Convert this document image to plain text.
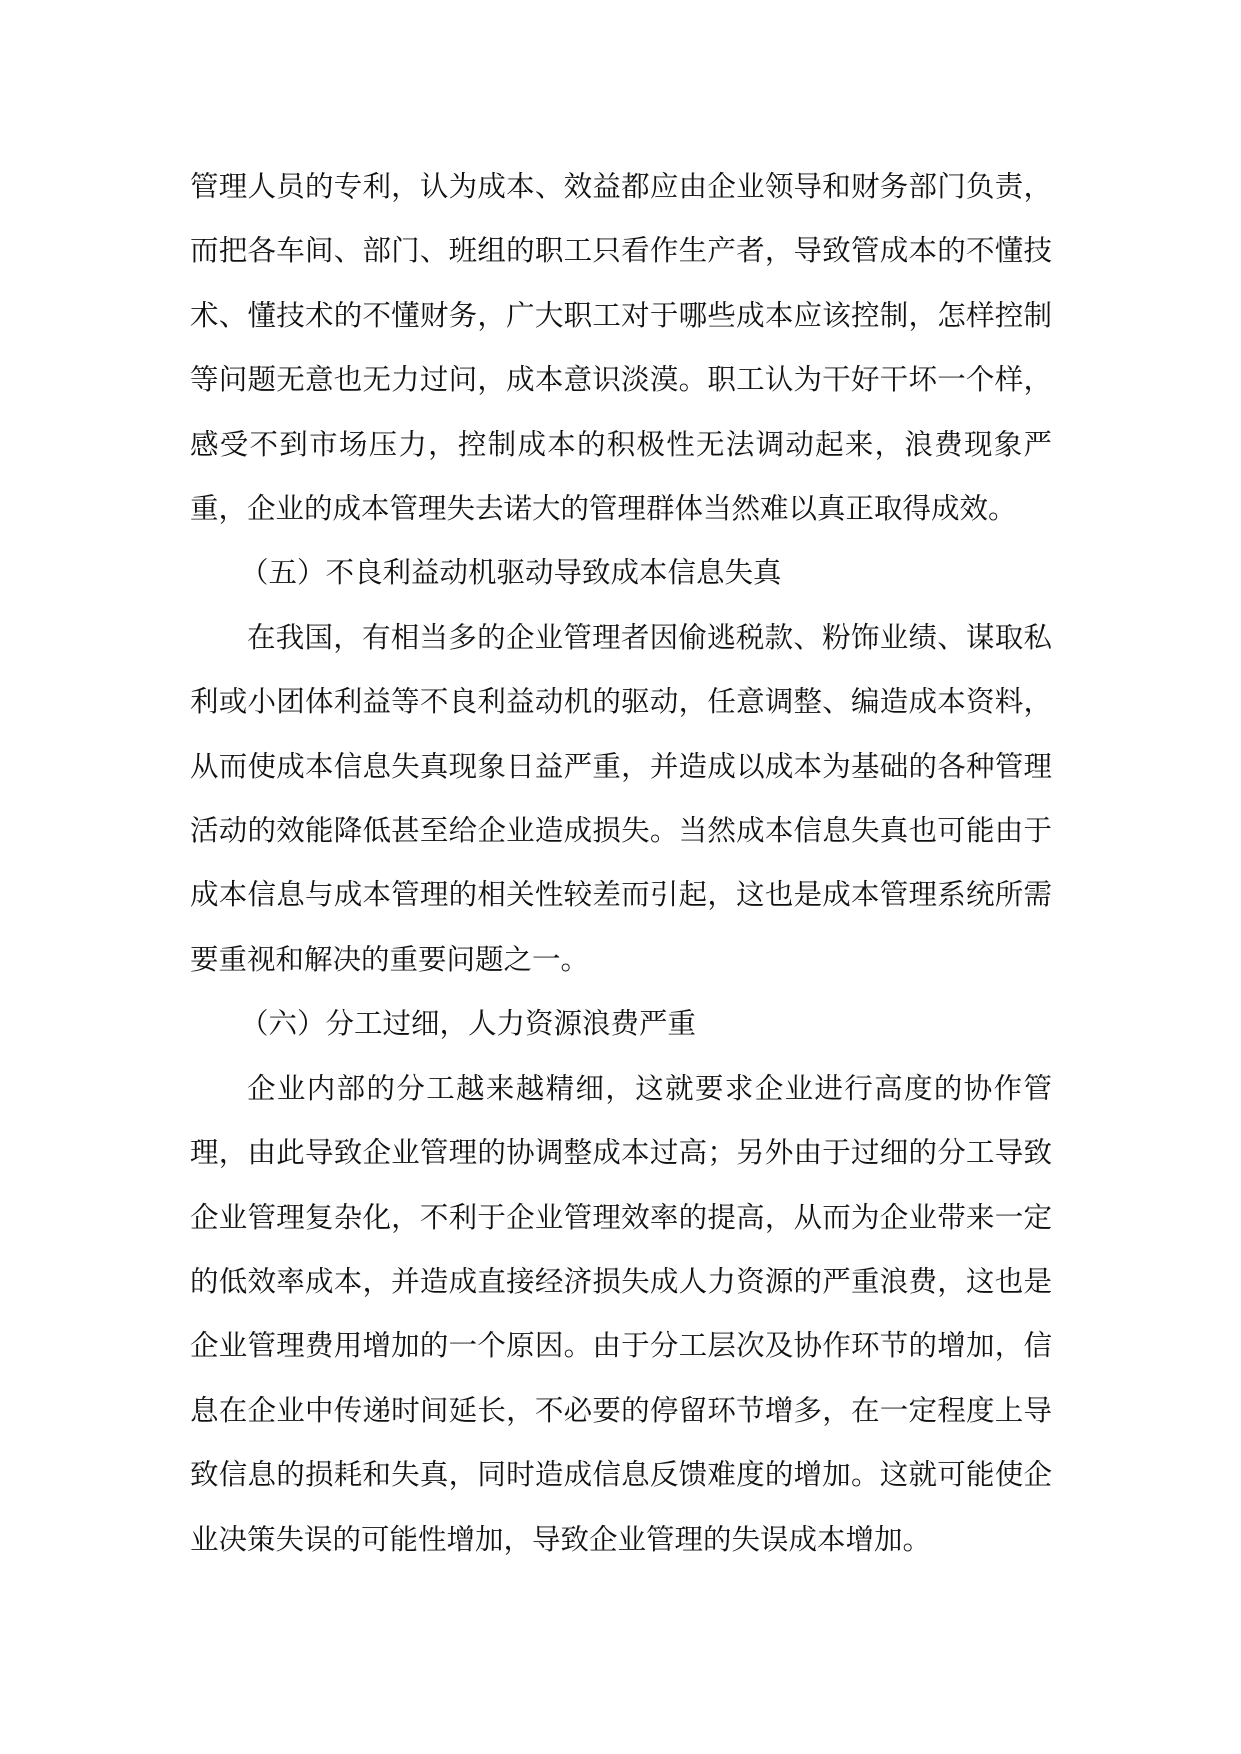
管理人员的专利，认为成本、效益都应由企业领导和财务部门负责，而把各车间、部门、班组的职工只看作生产者，导致管成本的不懂技术、懂技术的不懂财务，广大职工对于哪些成本应该控制，怎样控制等问题无意也无力过问，成本意识淡漠。职工认为干好干坏一个样，感受不到市场压力，控制成本的积极性无法调动起来，浪费现象严重，企业的成本管理失去诺大的管理群体当然难以真正取得成效。

（五）不良利益动机驱动导致成本信息失真

在我国，有相当多的企业管理者因偷逃税款、粉饰业绩、谋取私利或小团体利益等不良利益动机的驱动，任意调整、编造成本资料，从而使成本信息失真现象日益严重，并造成以成本为基础的各种管理活动的效能降低甚至给企业造成损失。当然成本信息失真也可能由于成本信息与成本管理的相关性较差而引起，这也是成本管理系统所需要重视和解决的重要问题之一。

（六）分工过细，人力资源浪费严重

企业内部的分工越来越精细，这就要求企业进行高度的协作管理，由此导致企业管理的协调整成本过高；另外由于过细的分工导致企业管理复杂化，不利于企业管理效率的提高，从而为企业带来一定的低效率成本，并造成直接经济损失成人力资源的严重浪费，这也是企业管理费用增加的一个原因。由于分工层次及协作环节的增加，信息在企业中传递时间延长，不必要的停留环节增多，在一定程度上导致信息的损耗和失真，同时造成信息反馈难度的增加。这就可能使企业决策失误的可能性增加，导致企业管理的失误成本增加。
